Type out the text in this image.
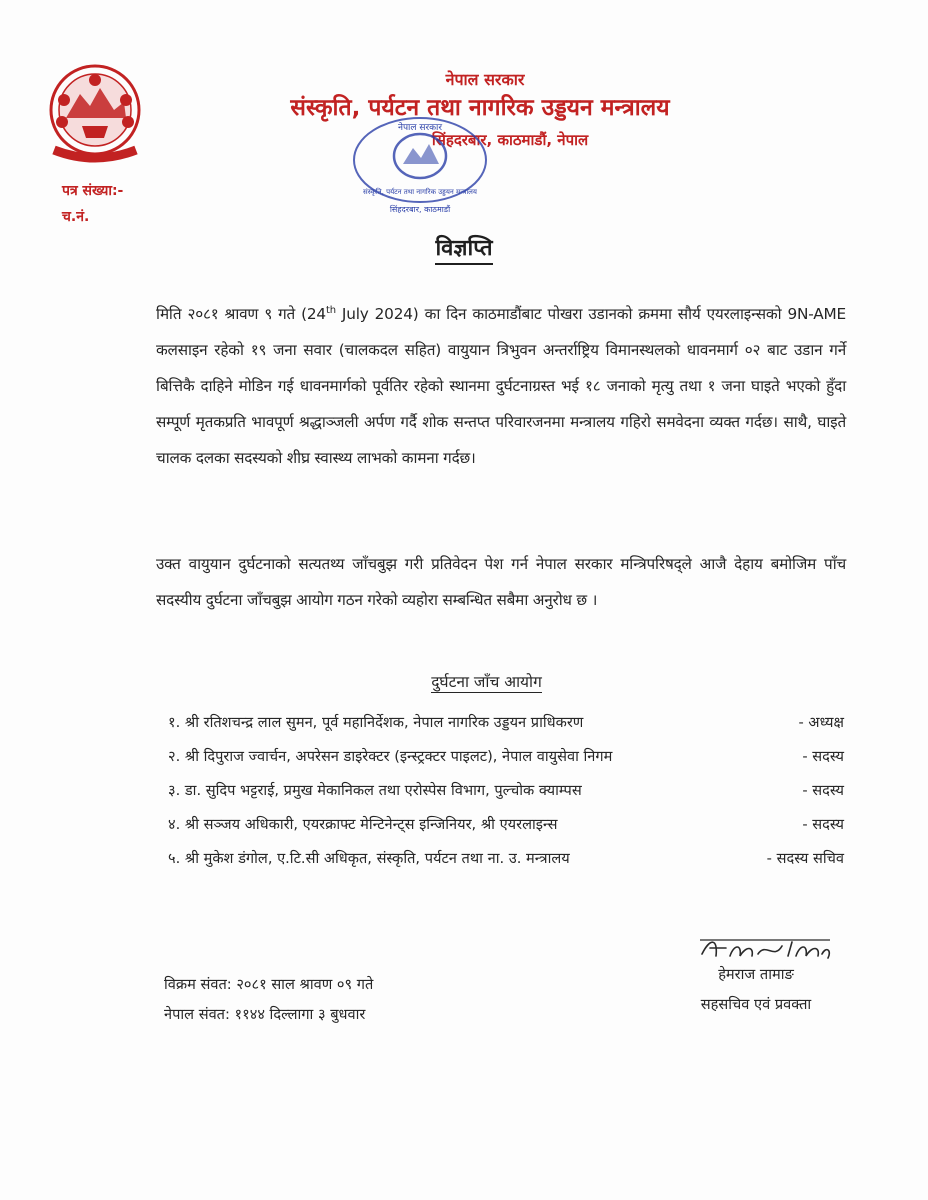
नेपाल सरकार
संस्कृति, पर्यटन तथा नागरिक उड्डयन मन्त्रालय
सिंहदरबार, काठमाडौं, नेपाल
नेपाल सरकार
संस्कृति, पर्यटन तथा नागरिक उड्डयन मन्त्रालय
सिंहदरबार, काठमाडौं
पत्र संख्या:-
च.नं.
विज्ञप्ति
मिति २०८१ श्रावण ९ गते (24th July 2024) का दिन काठमाडौंबाट पोखरा उडानको क्रममा सौर्य एयरलाइन्सको 9N-AME कलसाइन रहेको १९ जना सवार (चालकदल सहित) वायुयान त्रिभुवन अन्तर्राष्ट्रिय विमानस्थलको धावनमार्ग ०२ बाट उडान गर्ने बित्तिकै दाहिने मोडिन गई धावनमार्गको पूर्वतिर रहेको स्थानमा दुर्घटनाग्रस्त भई १८ जनाको मृत्यु तथा १ जना घाइते भएको हुँदा सम्पूर्ण मृतकप्रति भावपूर्ण श्रद्धाञ्जली अर्पण गर्दै शोक सन्तप्त परिवारजनमा मन्त्रालय गहिरो समवेदना व्यक्त गर्दछ। साथै, घाइते चालक दलका सदस्यको शीघ्र स्वास्थ्य लाभको कामना गर्दछ।
उक्त वायुयान दुर्घटनाको सत्यतथ्य जाँचबुझ गरी प्रतिवेदन पेश गर्न नेपाल सरकार मन्त्रिपरिषद्ले आजै देहाय बमोजिम पाँच सदस्यीय दुर्घटना जाँचबुझ आयोग गठन गरेको व्यहोरा सम्बन्धित सबैमा अनुरोध छ ।
दुर्घटना जाँच आयोग
१. श्री रतिशचन्द्र लाल सुमन, पूर्व महानिर्देशक, नेपाल नागरिक उड्डयन प्राधिकरण	- अध्यक्ष
२. श्री दिपुराज ज्वार्चन, अपरेसन डाइरेक्टर (इन्स्ट्रक्टर पाइलट), नेपाल वायुसेवा निगम	- सदस्य
३. डा. सुदिप भट्टराई, प्रमुख मेकानिकल तथा एरोस्पेस विभाग, पुल्चोक क्याम्पस	- सदस्य
४. श्री सञ्जय अधिकारी, एयरक्राफ्ट मेन्टिनेन्ट्स इन्जिनियर, श्री एयरलाइन्स	- सदस्य
५. श्री मुकेश डंगोल, ए.टि.सी अधिकृत, संस्कृति, पर्यटन तथा ना. उ. मन्त्रालय	- सदस्य सचिव
हेमराज तामाङ
सहसचिव एवं प्रवक्ता
विक्रम संवत: २०८१ साल श्रावण ०९ गते
नेपाल संवत: ११४४ दिल्लागा ३ बुधवार
